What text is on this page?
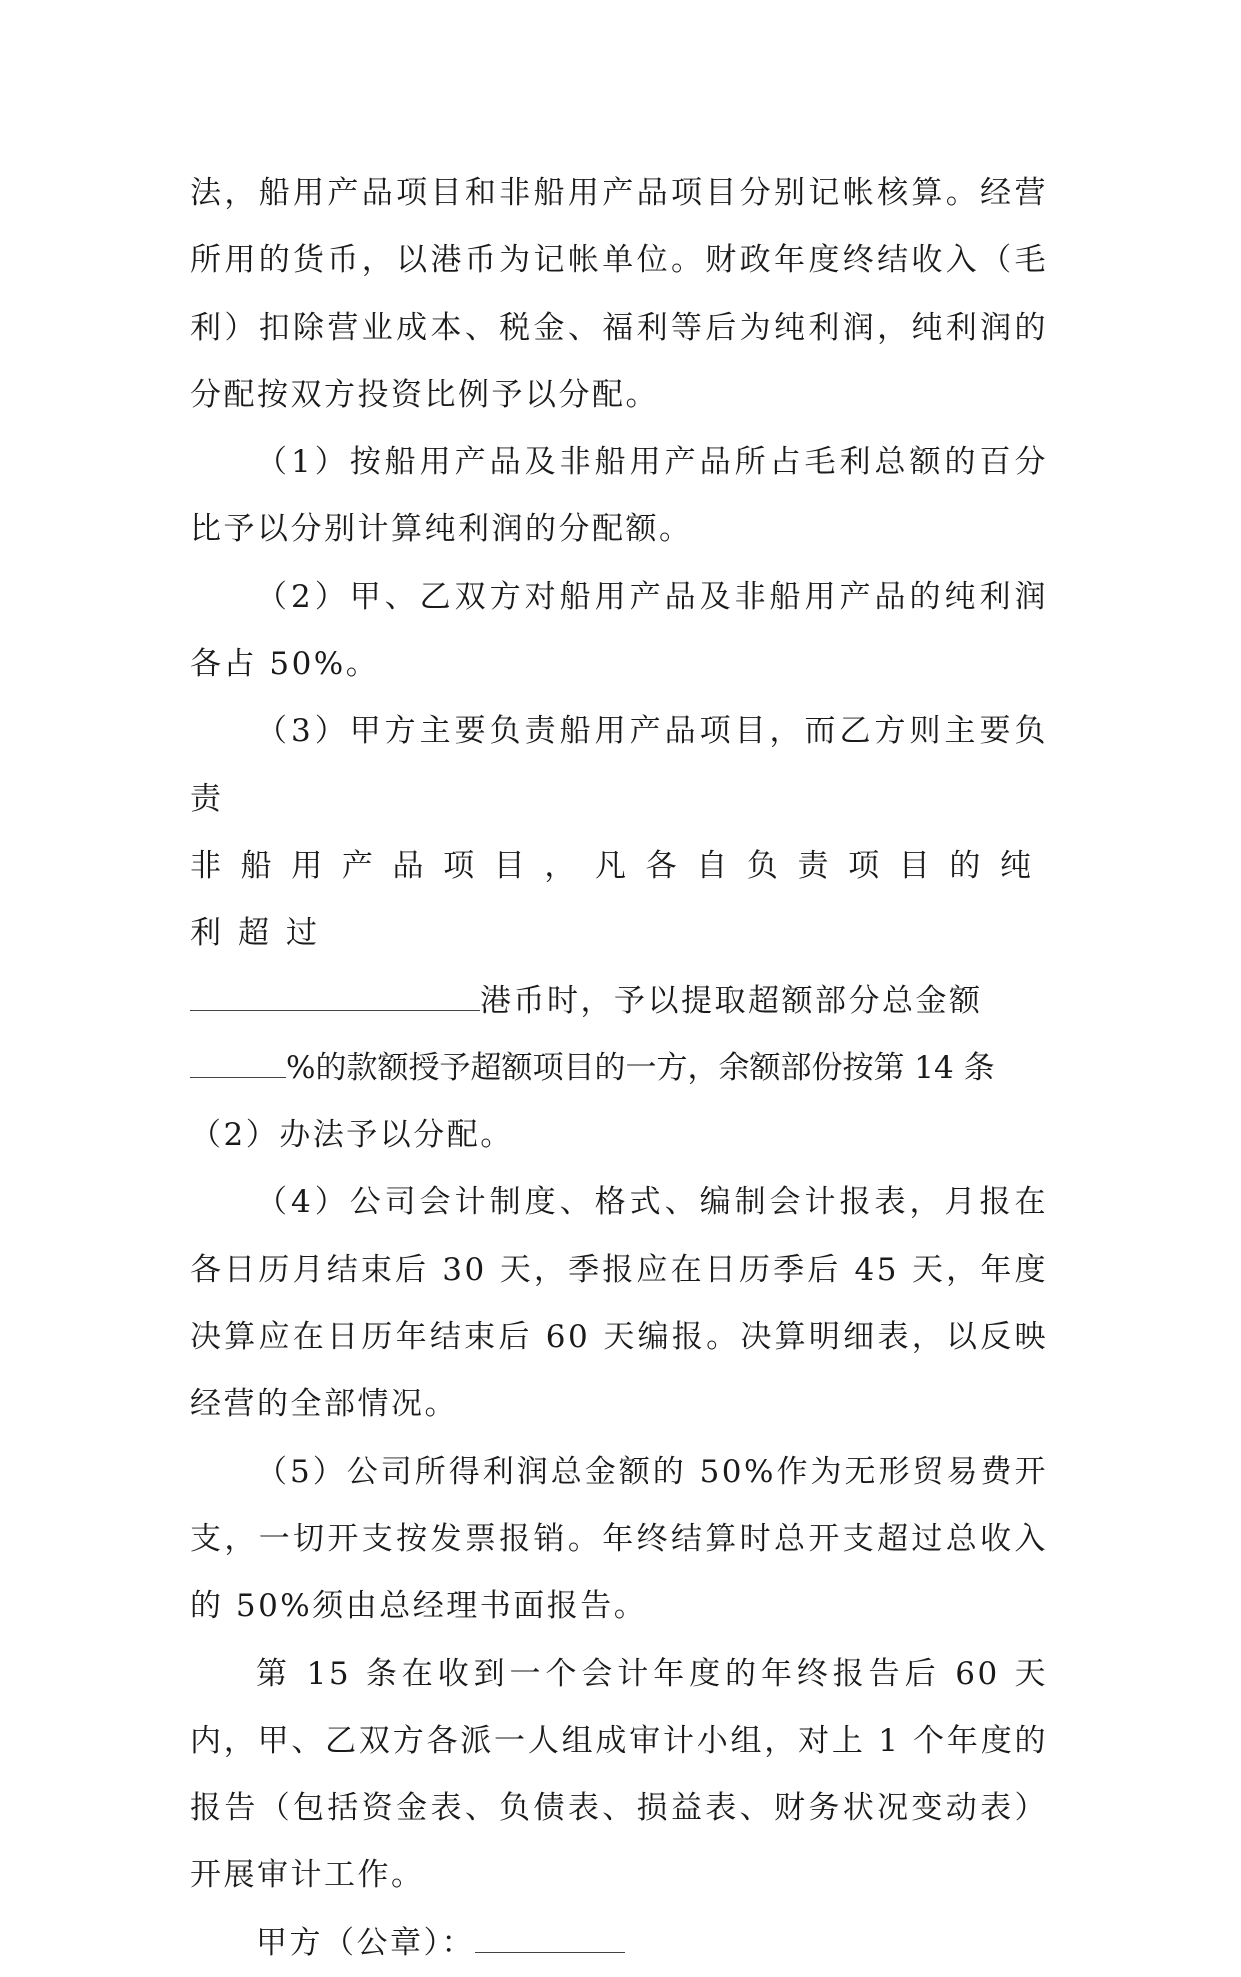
法，船用产品项目和非船用产品项目分别记帐核算。经营所用的货币，以港币为记帐单位。财政年度终结收入（毛利）扣除营业成本、税金、福利等后为纯利润，纯利润的分配按双方投资比例予以分配。

（1）按船用产品及非船用产品所占毛利总额的百分比予以分别计算纯利润的分配额。

（2）甲、乙双方对船用产品及非船用产品的纯利润各占 50%。

（3）甲方主要负责船用产品项目，而乙方则主要负责
非船用产品项目，凡各自负责项目的纯利超过
港币时，予以提取超额部分总金额
%的款额授予超额项目的一方，余额部份按第 14 条
（2）办法予以分配。

（4）公司会计制度、格式、编制会计报表，月报在各日历月结束后 30 天，季报应在日历季后 45 天，年度决算应在日历年结束后 60 天编报。决算明细表，以反映经营的全部情况。

（5）公司所得利润总金额的 50%作为无形贸易费开支，一切开支按发票报销。年终结算时总开支超过总收入的 50%须由总经理书面报告。

第 15 条在收到一个会计年度的年终报告后 60 天内，甲、乙双方各派一人组成审计小组，对上 1 个年度的报告（包括资金表、负债表、损益表、财务状况变动表）开展审计工作。

甲方（公章）：
